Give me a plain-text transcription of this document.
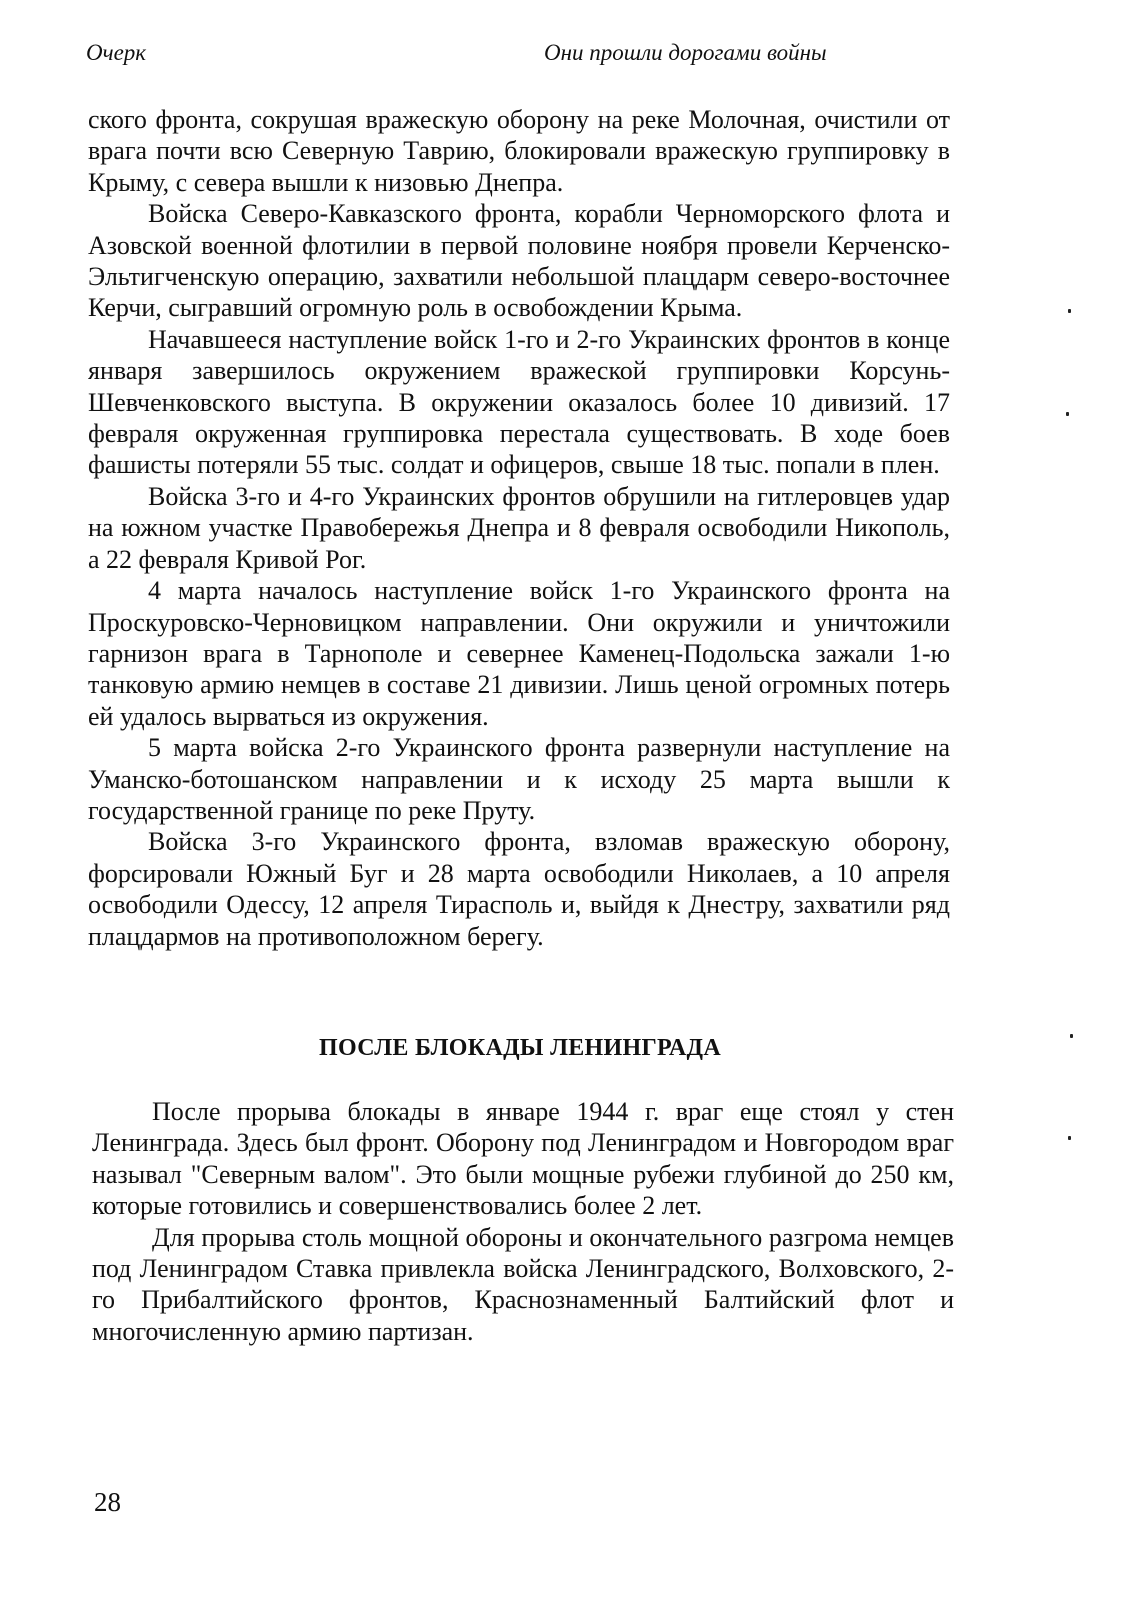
Очерк	Они прошли дорогами войны

ского фронта, сокрушая вражескую оборону на реке Молочная, очистили от врага почти всю Северную Таврию, блокировали вражескую группировку в Крыму, с севера вышли к низовью Днепра.

Войска Северо-Кавказского фронта, корабли Черноморского флота и Азовской военной флотилии в первой половине ноября провели Керченско-Эльтигченскую операцию, захватили небольшой плацдарм северо-восточнее Керчи, сыгравший огромную роль в освобождении Крыма.

Начавшееся наступление войск 1-го и 2-го Украинских фронтов в конце января завершилось окружением вражеской группировки Корсунь-Шевченковского выступа. В окружении оказалось более 10 дивизий. 17 февраля окруженная группировка перестала существовать. В ходе боев фашисты потеряли 55 тыс. солдат и офицеров, свыше 18 тыс. попали в плен.

Войска 3-го и 4-го Украинских фронтов обрушили на гитлеровцев удар на южном участке Правобережья Днепра и 8 февраля освободили Никополь, а 22 февраля Кривой Рог.

4 марта началось наступление войск 1-го Украинского фронта на Проскуровско-Черновицком направлении. Они окружили и уничтожили гарнизон врага в Тарнополе и севернее Каменец-Подольска зажали 1-ю танковую армию немцев в составе 21 дивизии. Лишь ценой огромных потерь ей удалось вырваться из окружения.

5 марта войска 2-го Украинского фронта развернули наступление на Уманско-ботошанском направлении и к исходу 25 марта вышли к государственной границе по реке Пруту.

Войска 3-го Украинского фронта, взломав вражескую оборону, форсировали Южный Буг и 28 марта освободили Николаев, а 10 апреля освободили Одессу, 12 апреля Тирасполь и, выйдя к Днестру, захватили ряд плацдармов на противоположном берегу.

ПОСЛЕ БЛОКАДЫ ЛЕНИНГРАДА

После прорыва блокады в январе 1944 г. враг еще стоял у стен Ленинграда. Здесь был фронт. Оборону под Ленинградом и Новгородом враг называл "Северным валом". Это были мощные рубежи глубиной до 250 км, которые готовились и совершенствовались более 2 лет.

Для прорыва столь мощной обороны и окончательного разгрома немцев под Ленинградом Ставка привлекла войска Ленинградского, Волховского, 2-го Прибалтийского фронтов, Краснознаменный Балтийский флот и многочисленную армию партизан.

28
